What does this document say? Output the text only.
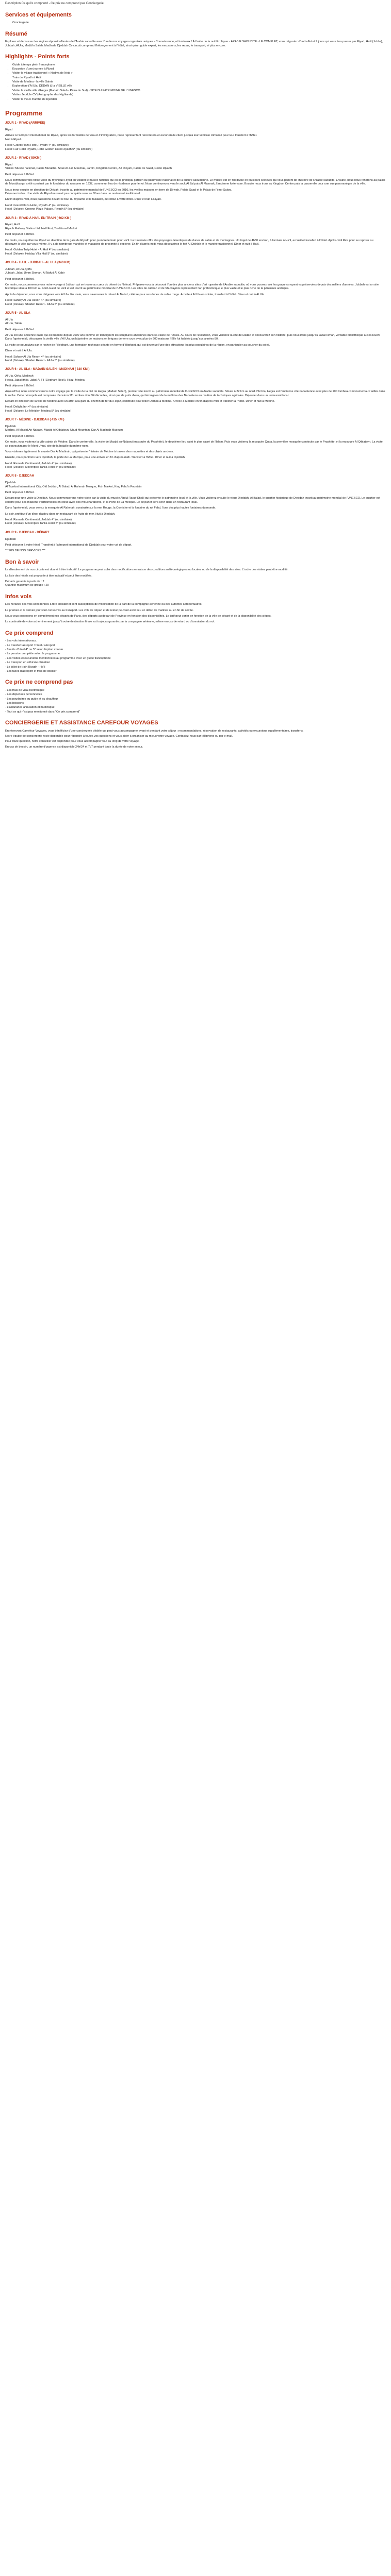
Description Ce qu'ils comprend - Ce prix ne comprend pas Conciergerie
Services et équipements
• Conciergerie
Résumé

Explorez et découvrez les régions époustouflantes de l'Arabie saoudite avec l'un de nos voyages organisés uniques - Connaissance, et lumineux ! À l'aube de la nuit Expliquer - ARABIE SAOUDITE - LE COMPLET, vous dégustez d'un buffet et 9 jours qui vous fera passer par Riyad, Ha'il (Jubba), Jubbah, AlUla, Madâ'in Salah, Madînah, Djeddah Ce circuit comprend l'hébergement à l'hôtel, ainsi qu'un guide expert, les excursions, les repas, le transport, et plus encore.

Highlights - Points forts
• Guide à temps plein francophone
• Excursion d'une journée à Riyad
• Visiter le village traditionnel « Nadiya de Nejd »
• Train de Riyadh à Ha'il
• Visite de Medina - la ville Sainte
• Exploration d'Al Ula, DEDAN & la VIEILLE ville
• Visiter la vieille ville d'Hegra (Madain Saleh - Pétra du Sud) - SITE DU PATRIMOINE DE L'UNESCO
• Visitez Jedd, le CV (Autographe des Highlands)
• Visiter le vieux marché de Djeddah
Programme
JOUR 1 - RIYAD (ARRIVÉE)

Riyad

Arrivée à l'aéroport international de Riyad, après les formalités de visa et d'immigration, notre représentant rencontrera et escortera le client jusqu'à leur véhicule climatisé pour leur transfert à l'hôtel.
Nuit à Riyad.

Hotel: Grand Plaza Hotel, Riyadh 4* (ou similaire)
Hotel: Fair Hotel Riyadh, Hotel Golden Hotel Riyadh 5* (ou similaire)

JOUR 2 - RIYAD ( 50KM )

Riyad
Visites: Musée national, Palais Murabba, Souk Al Zal, Masmak, Jardin, Kingdom Centre, Ad Diriyah, Palais de Saad, Resto Riyadh

Petit déjeuner à l'hôtel.

Nous commencerons notre visite du mythique Riyad en visitant le musée national qui est le principal gardien du patrimoine national et de la culture saoudienne. Le musée est en fait divisé en plusieurs secteurs qui vous parlent de l'histoire de l'Arabie saoudite. Ensuite, nous nous rendrons au palais de Murabba qui a été construit par le fondateur du royaume en 1937, comme un lieu de résidence pour le roi. Nous continuerons vers le souk Al Zal puis Al Masmak, l'ancienne forteresse. Ensuite nous irons au Kingdom Centre puis la passerelle pour une vue panoramique de la ville.

Nous irons ensuite en direction de Diriyah, inscrite au patrimoine mondial de l'UNESCO en 2010, les vieilles maisons en terre de Diriyah, Palais Saad et le Palais de l'émir Salwa.
Déjeuner inclus. Une visite de Riyad ne serait pas complète sans ce Dîner dans un restaurant traditionnel.

En fin d'après-midi, nous passerons devant le tour du royaume et le faisalieh, de retour à votre hôtel. Dîner et nuit à Riyad.

Hotel: Grand Plaza Hotel, Riyadh 4* (ou similaire)
Hotel (Deluxe): Crowne Plaza Palace, Riyadh 5* (ou similaire)

JOUR 3 - RIYAD À HA'IL EN TRAIN ( 662 KM )

Riyad, Ha'il
Riyadh Railway Station Ltd, Ha'il Fort, Traditional Market

Petit déjeuner à l'hôtel.

Ce matin, nous quitterons Riyad en direction de la gare de Riyadh pour prendre le train pour Ha'il. La traversée offre des paysages désertiques de dunes de sable et de montagnes. Un trajet de 4h30 environ, à l'arrivée à Ha'il, accueil et transfert à l'hôtel. Après-midi libre pour se reposer ou découvrir la ville par vous-même. Il y a de nombreux marchés et magasins de proximité à explorer. En fin d'après-midi, vous découvrirez le fort Al Qishlah et le marché traditionnel. Dîner et nuit à Ha'il.

Hotel: Golden Tulip Hotel - Al Hail 4* (ou similaire)
Hotel (Deluxe): Holiday Villa Hail 5* (ou similaire)

JOUR 4 - HA'IL - JUBBAH - AL ULA (340 KM)

Jubbah, Al Ula, Qirfa
Jubbah, Jabal Umm Sinman, Al Nafud Al Kabir

Petit déjeuner à l'hôtel.

Ce matin, nous commencerons notre voyage à Jubbah qui se trouve au cœur du désert du Nefoud. Préparez-vous à découvrir l'un des plus anciens sites d'art rupestre de l'Arabie saoudite, où vous pourrez voir les gravures rupestres préservées depuis des milliers d'années. Jubbah est un site historique situé à 100 km au nord-ouest de Ha'il et est inscrit au patrimoine mondial de l'UNESCO. Les sites de Jubbah et de Shuwaymis représentent l'art préhistorique le plus vaste et le plus riche de la péninsule arabique.

Après le déjeuner, vous vous dirigerez vers Al Ula. En route, vous traverserez le désert Al Nafud, célèbre pour ses dunes de sable rouge. Arrivée à Al Ula en soirée, transfert à l'hôtel. Dîner et nuit à Al Ula.

Hotel: Sahary Al Ula Resort 4* (ou similaire)
Hotel (Deluxe): Shaden Resort - AlUla 5* (ou similaire)

JOUR 5 - AL ULA

Al Ula
Al Ula, Tabuk

Petit déjeuner à l'hôtel.

Al Ula est une ancienne oasis qui est habitée depuis 7000 ans comme en témoignent les sculptures anciennes dans sa vallée de l'Oasis. Au cours de l'excursion, vous visiterez la cité de Dadan et découvrirez son histoire, puis nous irons jusqu'au Jabal Ikmah, véritable bibliothèque à ciel ouvert. Dans l'après-midi, découvrez la vieille ville d'Al Ula, un labyrinthe de maisons en briques de terre crue avec plus de 900 maisons ! Elle fut habitée jusqu'aux années 80.

La visite se poursuivra par le rocher de l'éléphant, une formation rocheuse géante en forme d'éléphant, qui est devenue l'une des attractions les plus populaires de la région, en particulier au coucher du soleil.

Dîner et nuit à Al Ula.

Hotel: Sahary Al Ula Resort 4* (ou similaire)
Hotel (Deluxe): Shaden Resort - AlUla 5* (ou similaire)

JOUR 6 - AL ULA - MADAIN SALEH - MADINAH ( 330 KM )

Al Ula, Qirfa, Madinah
Hegra, Jabal Ithlib, Jabal Al Fil (Elephant Rock), Hijaz, Medina

Petit déjeuner à l'hôtel.

Aujourd'hui, nous commencerons notre voyage par la visite de la cité de Hegra (Madain Saleh), premier site inscrit au patrimoine mondial de l'UNESCO en Arabie saoudite. Située à 22 km au nord d'Al Ula, Hegra est l'ancienne cité nabatéenne avec plus de 100 tombeaux monumentaux taillés dans la roche. Cette nécropole est composée d'environ 111 tombes dont 94 décorées, ainsi que de puits d'eau, qui témoignent de la maîtrise des Nabatéens en matière de techniques agricoles. Déjeuner dans un restaurant local.

Départ en direction de la ville de Médine avec un arrêt à la gare du chemin de fer du Hejaz, construite pour relier Damas à Médine. Arrivée à Médine en fin d'après-midi et transfert à l'hôtel. Dîner et nuit à Médine.

Hotel: Delight Inn 4* (ou similaire)
Hotel (Deluxe): Le Méridien Medina 5* (ou similaire)

JOUR 7 - MÉDINE - DJEDDAH ( 415 KM )

Djeddah
Medina, Al Masjid An Nabawi, Masjid Al Qiblatayn, Uhud Mountain, Dar Al Madinah Museum

Petit déjeuner à l'hôtel.

Ce matin, vous visiterez la ville sainte de Médine. Dans le centre-ville, la visite de Masjid an-Nabawi (mosquée du Prophète), le deuxième lieu saint le plus sacré de l'Islam. Puis vous visiterez la mosquée Quba, la première mosquée construite par le Prophète, et la mosquée Al Qiblatayn. La visite se poursuivra par le Mont Uhud, site de la bataille du même nom.

Vous visiterez également le musée Dar Al Madinah, qui présente l'histoire de Médine à travers des maquettes et des objets anciens.

Ensuite, nous partirons vers Djeddah, la porte de La Mecque, pour une arrivée en fin d'après-midi. Transfert à l'hôtel. Dîner et nuit à Djeddah.

Hotel: Ramada Continental, Jeddah 4* (ou similaire)
Hotel (Deluxe): Movenpick Tahlia Hotel 5* (ou similaire)

JOUR 8 - DJEDDAH

Djeddah
Al Tayebat International City, Old Jeddah, Al Balad, Al Rahmah Mosque, Fish Market, King Fahd's Fountain

Petit déjeuner à l'hôtel.

Départ pour une visite à Djeddah. Nous commencerons notre visite par la visite du musée Abdul Raouf Khalil qui présente le patrimoine local et la ville. Vous visiterez ensuite le vieux Djeddah, Al Balad, le quartier historique de Djeddah inscrit au patrimoine mondial de l'UNESCO. Le quartier est célèbre pour ses maisons traditionnelles en corail avec des moucharabiehs, et la Porte de La Mecque. Le déjeuner sera servi dans un restaurant local.

Dans l'après-midi, vous verrez la mosquée Al Rahmah, construite sur la mer Rouge, la Corniche et la fontaine du roi Fahd, l'une des plus hautes fontaines du monde.

Le soir, profitez d'un dîner d'adieu dans un restaurant de fruits de mer. Nuit à Djeddah.

Hotel: Ramada Continental, Jeddah 4* (ou similaire)
Hotel (Deluxe): Movenpick Tahlia Hotel 5* (ou similaire)

JOUR 9 - DJEDDAH - DÉPART

Djeddah

Petit déjeuner à votre hôtel. Transfert à l'aéroport international de Djeddah pour votre vol de départ.

*** FIN DE NOS SERVICES ***

Bon à savoir

Le déroulement de nos circuits est donné à titre indicatif. Le programme peut subir des modifications en raison des conditions météorologiques ou locales ou de la disponibilité des sites. L'ordre des visites peut être modifié.

La liste des hôtels est proposée à titre indicatif et peut être modifiée.

Départs garantis à partir de : 2
Quantité maximum de groupe : 20

Infos vols

Les horaires des vols sont donnés à titre indicatif et sont susceptibles de modification de la part de la compagnie aérienne ou des autorités aéroportuaires.

Le premier et le dernier jour sont consacrés au transport. Les vols de départ et de retour peuvent avoir lieu en début de matinée ou en fin de soirée.

Nous vous proposons en complément nos départs de Paris, des départs au départ de Province en fonction des disponibilités. Le tarif peut varier en fonction de la ville de départ et de la disponibilité des sièges.

La continuité de votre acheminement jusqu'à votre destination finale est toujours garantie par la compagnie aérienne, même en cas de retard ou d'annulation du vol.

Ce prix comprend
- Les vols internationaux
- Le transfert aéroport / hôtel / aéroport
- 8 nuits d'hôtel 4* ou 5* selon l'option choisie
- La pension complète selon le programme
- Les visites et excursions mentionnées au programme avec un guide francophone
- Le transport en véhicule climatisé
- Le billet de train Riyadh - Ha'il
- Les taxes d'aéroport et frais de dossier
Ce prix ne comprend pas
- Les frais de visa électronique
- Les dépenses personnelles
- Les pourboires au guide et au chauffeur
- Les boissons
- L'assurance annulation et multirisque
- Tout ce qui n'est pas mentionné dans "Ce prix comprend"
CONCIERGERIE ET ASSISTANCE CAREFOUR VOYAGES

En réservant Carrefour Voyages, vous bénéficiez d'une conciergerie dédiée qui peut vous accompagner avant et pendant votre séjour : recommandations, réservation de restaurants, activités ou excursions supplémentaires, transferts.

Notre équipe de conciergerie reste disponible pour répondre à toutes vos questions et vous aider à organiser au mieux votre voyage. Contactez-nous par téléphone ou par e-mail.

Pour toute question, notre conseiller est disponible pour vous accompagner tout au long de votre voyage.

En cas de besoin, un numéro d'urgence est disponible 24h/24 et 7j/7 pendant toute la durée de votre séjour.
